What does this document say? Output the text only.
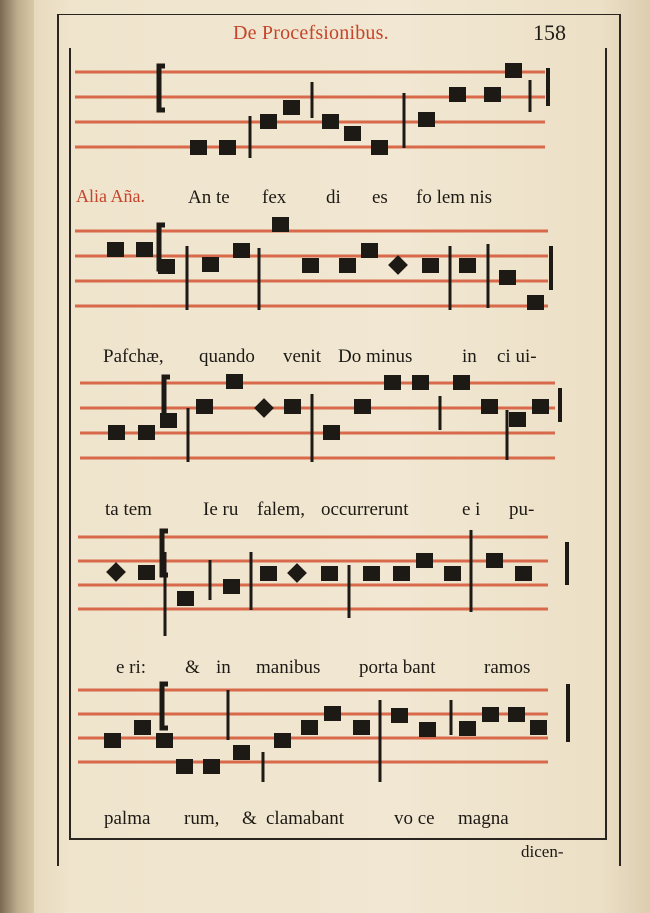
De Procefsionibus.	158
Alia Aña. An te fex di es fo lem nis
Pafchæ, quando venit Do minus	in ci ui-
ta tem	Ie ru falem, occurrerunt	e i pu-
e ri: & in manibus porta bant	ramos
palma rum, & clamabant	vo ce magna
dicen-
